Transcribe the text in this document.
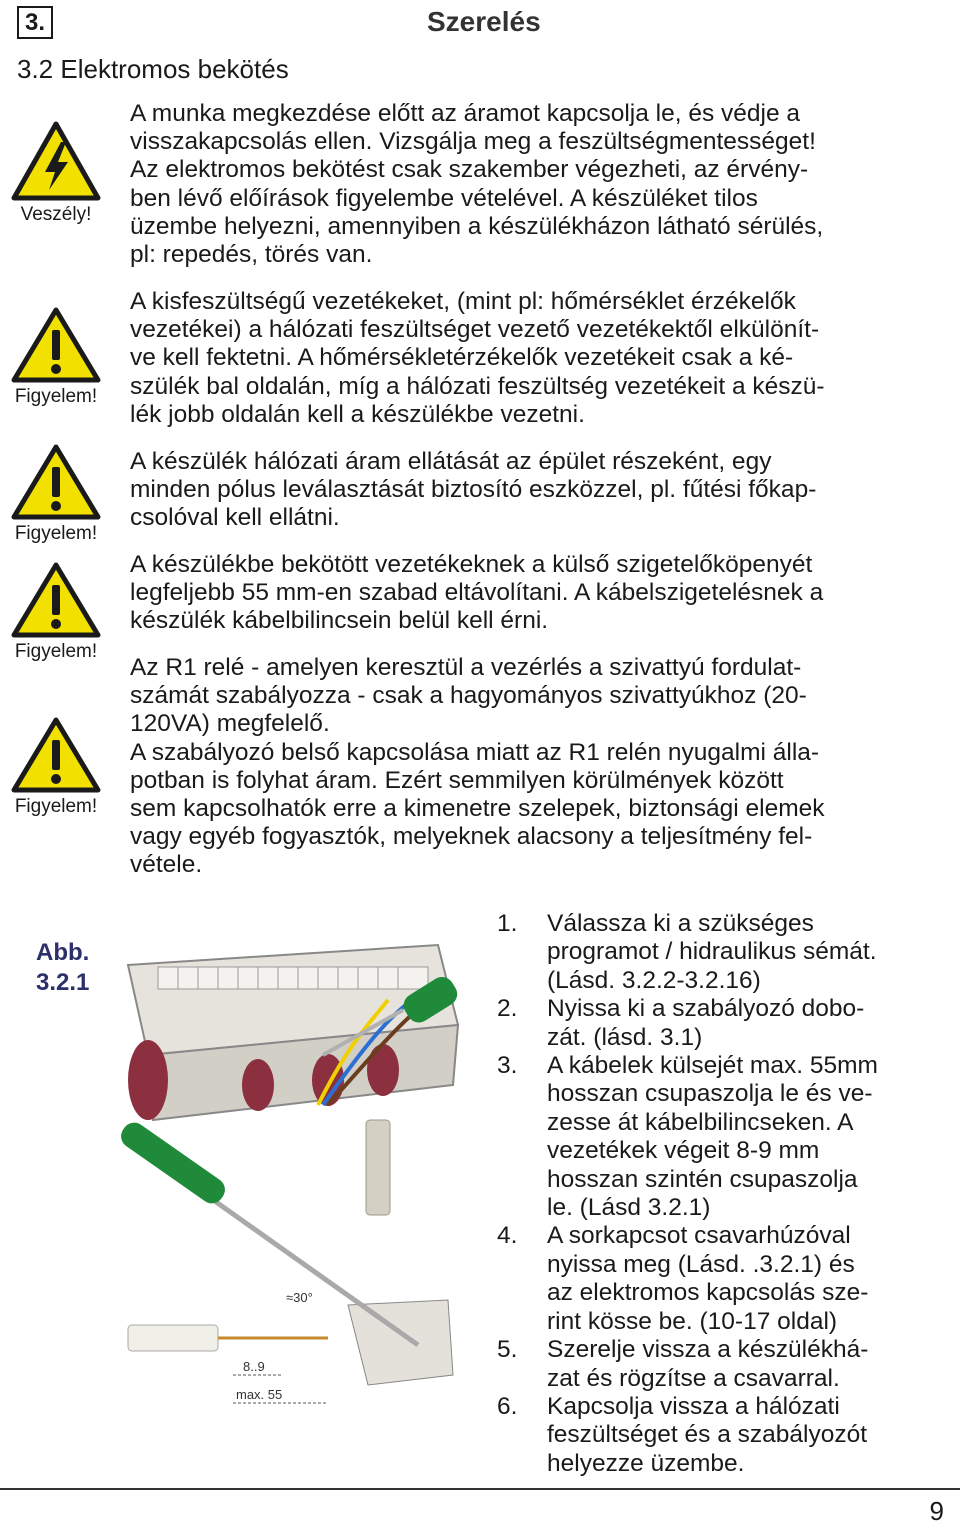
3.	Szerelés
3.2 Elektromos bekötés
Veszély!
Figyelem!
Figyelem!
Figyelem!
Figyelem!
A munka megkezdése előtt az áramot kapcsolja le, és védje a
visszakapcsolás ellen. Vizsgálja meg a feszültségmentességet!
Az elektromos bekötést csak szakember végezheti, az érvény-
ben lévő előírások figyelembe vételével. A készüléket tilos
üzembe helyezni, amennyiben a készülékházon látható sérülés,
pl: repedés, törés van.
A kisfeszültségű vezetékeket, (mint pl: hőmérséklet érzékelők
vezetékei) a hálózati feszültséget vezető vezetékektől elkülönít-
ve kell fektetni. A hőmérsékletérzékelők vezetékeit csak a ké-
szülék bal oldalán, míg a hálózati feszültség vezetékeit a készü-
lék jobb oldalán kell a készülékbe vezetni.
A készülék hálózati áram ellátását az épület részeként, egy
minden pólus leválasztását biztosító eszközzel, pl. fűtési főkap-
csolóval kell ellátni.
A készülékbe bekötött vezetékeknek a külső szigetelőköpenyét
legfeljebb 55 mm-en szabad eltávolítani. A kábelszigetelésnek a
készülék kábelbilincsein belül kell érni.
Az R1 relé - amelyen keresztül a vezérlés a szivattyú fordulat-
számát szabályozza - csak a hagyományos szivattyúkhoz (20-
120VA) megfelelő.
A szabályozó belső kapcsolása miatt az R1 relén nyugalmi álla-
potban is folyhat áram. Ezért semmilyen körülmények között
sem kapcsolhatók erre a kimenetre szelepek, biztonsági elemek
vagy egyéb fogyasztók, melyeknek alacsony a teljesítmény fel-
vétele.
Abb.
3.2.1
≈30°
8..9
max. 55
1. Válassza ki a szükséges
programot / hidraulikus sémát.
(Lásd. 3.2.2-3.2.16)
2. Nyissa ki a szabályozó dobo-
zát. (lásd. 3.1)
3. A kábelek külsejét max. 55mm
hosszan csupaszolja le és ve-
zesse át kábelbilincseken. A
vezetékek végeit 8-9 mm
hosszan szintén csupaszolja
le. (Lásd 3.2.1)
4. A sorkapcsot csavarhúzóval
nyissa meg (Lásd. .3.2.1) és
az elektromos kapcsolás sze-
rint kösse be. (10-17 oldal)
5. Szerelje vissza a készülékhá-
zat és rögzítse a csavarral.
6. Kapcsolja vissza a hálózati
feszültséget és a szabályozót
helyezze üzembe.
9
